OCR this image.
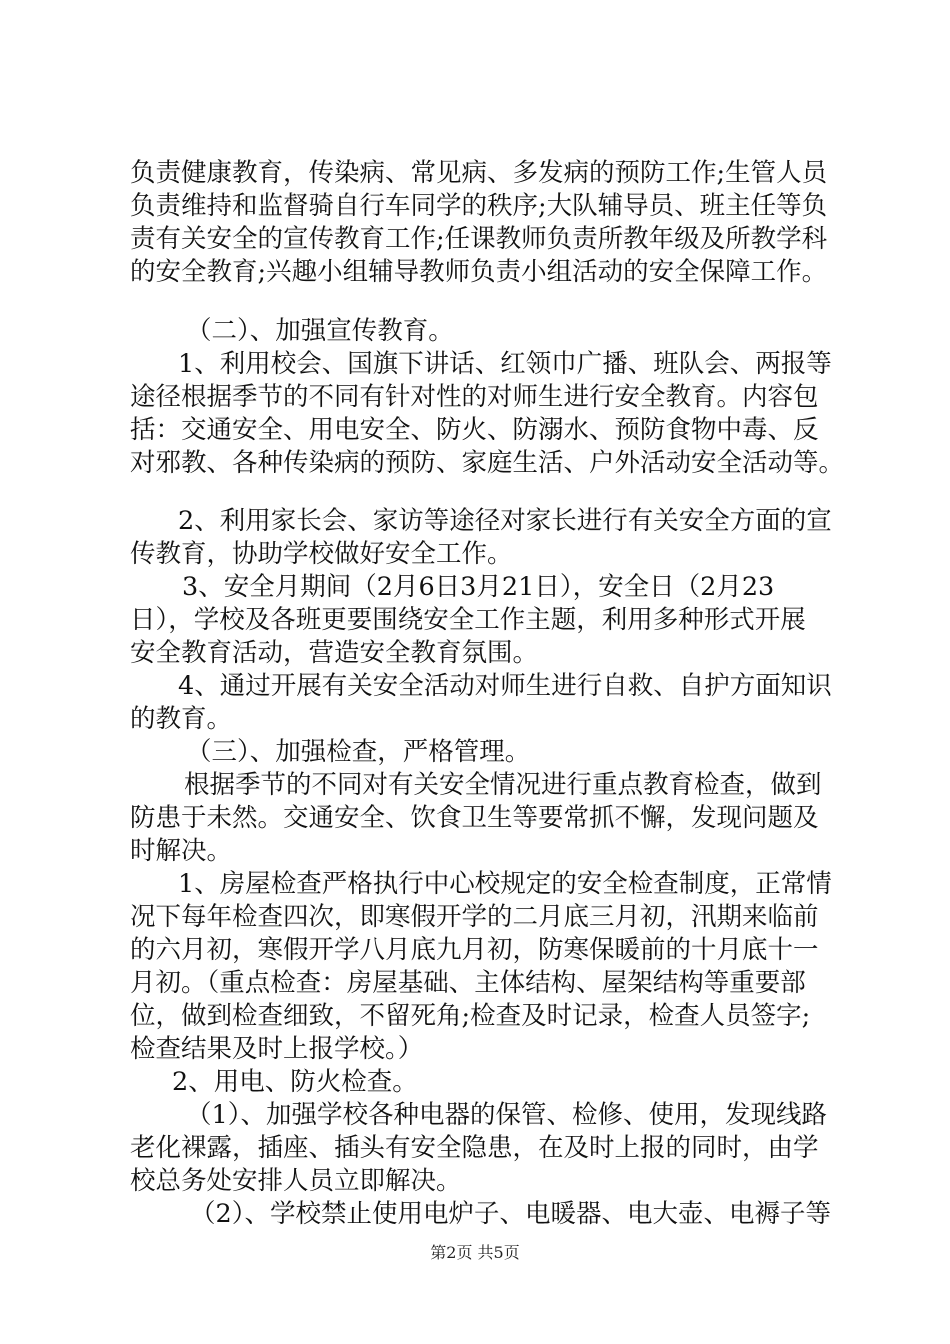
负责健康教育，传染病、常见病、多发病的预防工作;生管人员
负责维持和监督骑自行车同学的秩序;大队辅导员、班主任等负
责有关安全的宣传教育工作;任课教师负责所教年级及所教学科
的安全教育;兴趣小组辅导教师负责小组活动的安全保障工作。
（二）、加强宣传教育。
1、利用校会、国旗下讲话、红领巾广播、班队会、两报等
途径根据季节的不同有针对性的对师生进行安全教育。内容包
括：交通安全、用电安全、防火、防溺水、预防食物中毒、反
对邪教、各种传染病的预防、家庭生活、户外活动安全活动等。
2、利用家长会、家访等途径对家长进行有关安全方面的宣
传教育，协助学校做好安全工作。
3、安全月期间（2月6日3月21日），安全日（2月23
日），学校及各班更要围绕安全工作主题，利用多种形式开展
安全教育活动，营造安全教育氛围。
4、通过开展有关安全活动对师生进行自救、自护方面知识
的教育。
（三）、加强检查，严格管理。
根据季节的不同对有关安全情况进行重点教育检查，做到
防患于未然。交通安全、饮食卫生等要常抓不懈，发现问题及
时解决。
1、房屋检查严格执行中心校规定的安全检查制度，正常情
况下每年检查四次，即寒假开学的二月底三月初，汛期来临前
的六月初，寒假开学八月底九月初，防寒保暖前的十月底十一
月初。（重点检查：房屋基础、主体结构、屋架结构等重要部
位，做到检查细致，不留死角;检查及时记录，检查人员签字;
检查结果及时上报学校。）
2、用电、防火检查。
（1）、加强学校各种电器的保管、检修、使用，发现线路
老化裸露，插座、插头有安全隐患，在及时上报的同时，由学
校总务处安排人员立即解决。
（2）、学校禁止使用电炉子、电暖器、电大壶、电褥子等
第2页 共5页
